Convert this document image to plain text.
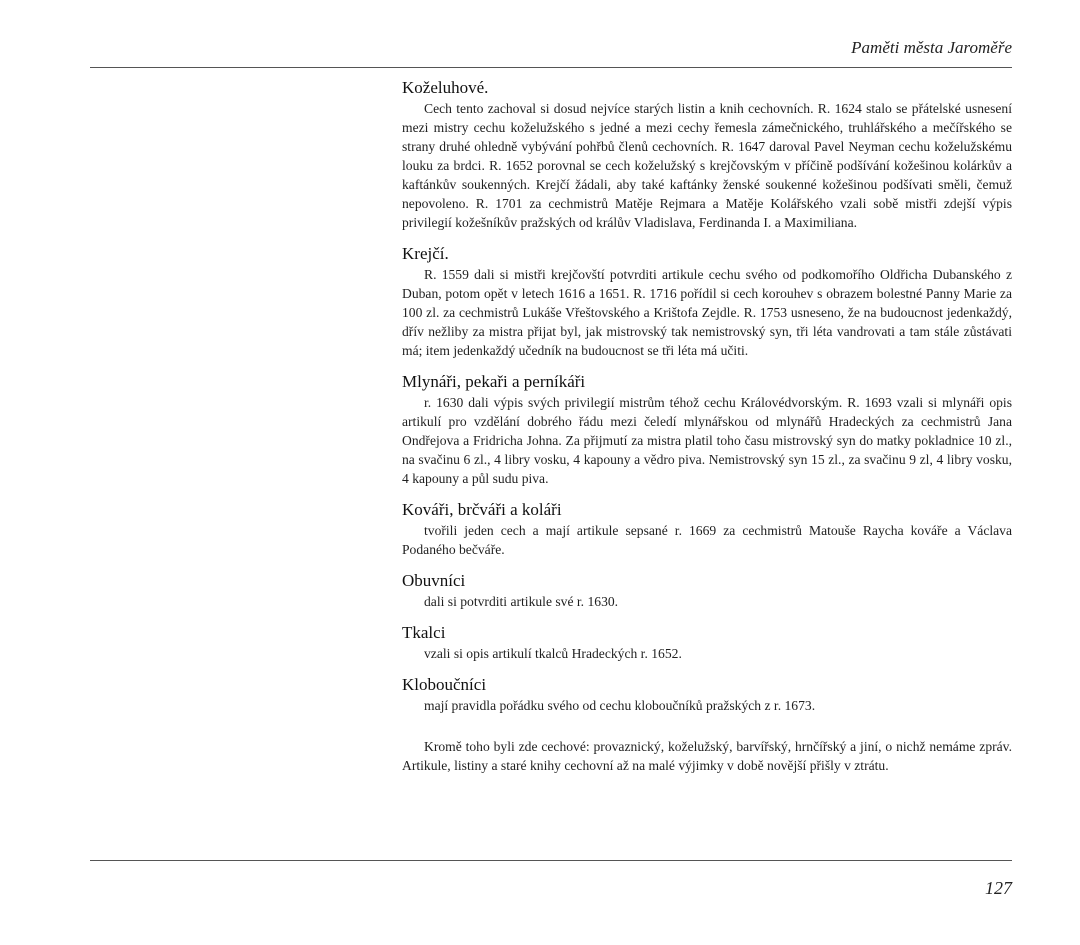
Paměti města Jaroměře
Koželuhové.

Cech tento zachoval si dosud nejvíce starých listin a knih cechovních. R. 1624 stalo se přátelské usnesení mezi mistry cechu koželužského s jedné a mezi cechy řemesla zámečnického, truhlářského a mečířského se strany druhé ohledně vybývání pohřbů členů cechovních. R. 1647 daroval Pavel Neyman cechu koželužskému louku za brdci. R. 1652 porovnal se cech koželužský s krejčovským v příčině podšívání kožešinou kolárkův a kaftánkův soukenných. Krejčí žádali, aby také kaftánky ženské soukenné kožešinou podšívati směli, čemuž nepovoleno. R. 1701 za cechmistrů Matěje Rejmara a Matěje Kolářského vzali sobě mistři zdejší výpis privilegií kožešníkův pražských od králův Vladislava, Ferdinanda I. a Maximiliana.

Krejčí.

R. 1559 dali si mistři krejčovští potvrditi artikule cechu svého od podkomořího Oldřicha Dubanského z Duban, potom opět v letech 1616 a 1651. R. 1716 pořídil si cech korouhev s obrazem bolestné Panny Marie za 100 zl. za cechmistrů Lukáše Vřeštovského a Krištofa Zejdle. R. 1753 usneseno, že na budoucnost jedenkaždý, dřív nežliby za mistra přijat byl, jak mistrovský tak nemistrovský syn, tři léta vandrovati a tam stále zůstávati má; item jedenkaždý učedník na budoucnost se tři léta má učiti.

Mlynáři, pekaři a perníkáři

r. 1630 dali výpis svých privilegií mistrům téhož cechu Královédvorským. R. 1693 vzali si mlynáři opis artikulí pro vzdělání dobrého řádu mezi čeledí mlynářskou od mlynářů Hradeckých za cechmistrů Jana Ondřejova a Fridricha Johna. Za přijmutí za mistra platil toho času mistrovský syn do matky pokladnice 10 zl., na svačinu 6 zl., 4 libry vosku, 4 kapouny a vědro piva. Nemistrovský syn 15 zl., za svačinu 9 zl, 4 libry vosku, 4 kapouny a půl sudu piva.

Kováři, brčváři a koláři

tvořili jeden cech a mají artikule sepsané r. 1669 za cechmistrů Matouše Raycha kováře a Václava Podaného bečváře.

Obuvníci

dali si potvrditi artikule své r. 1630.

Tkalci

vzali si opis artikulí tkalců Hradeckých r. 1652.

Kloboučníci

mají pravidla pořádku svého od cechu kloboučníků pražských z r. 1673.

Kromě toho byli zde cechové: provaznický, koželužský, barvířský, hrnčířský a jiní, o nichž nemáme zpráv. Artikule, listiny a staré knihy cechovní až na malé výjimky v době novější přišly v ztrátu.

127
